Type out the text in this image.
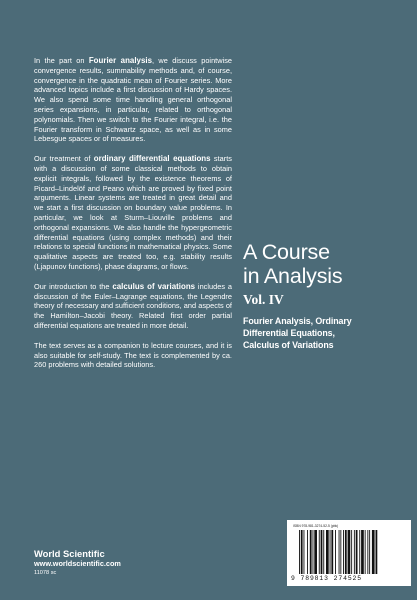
In the part on Fourier analysis, we discuss pointwise convergence results, summability methods and, of course, convergence in the quadratic mean of Fourier series. More advanced topics include a first discussion of Hardy spaces. We also spend some time handling general orthogonal series expansions, in particular, related to orthogonal polynomials. Then we switch to the Fourier integral, i.e. the Fourier transform in Schwartz space, as well as in some Lebesgue spaces or of measures.

Our treatment of ordinary differential equations starts with a discussion of some classical methods to obtain explicit integrals, followed by the existence theorems of Picard–Lindelöf and Peano which are proved by fixed point arguments. Linear systems are treated in great detail and we start a first discussion on boundary value problems. In particular, we look at Sturm–Liouville problems and orthogonal expansions. We also handle the hypergeometric differential equations (using complex methods) and their relations to special functions in mathematical physics. Some qualitative aspects are treated too, e.g. stability results (Ljapunov functions), phase diagrams, or flows.

Our introduction to the calculus of variations includes a discussion of the Euler–Lagrange equations, the Legendre theory of necessary and sufficient conditions, and aspects of the Hamilton–Jacobi theory. Related first order partial differential equations are treated in more detail.

The text serves as a companion to lecture courses, and it is also suitable for self-study. The text is complemented by ca. 260 problems with detailed solutions.

A Course
in Analysis
Vol. IV
Fourier Analysis, Ordinary
Differential Equations,
Calculus of Variations
World Scientific
www.worldscientific.com
11078 sc
ISBN 978-981-3274-52-5 (pbk)
9 789813 274525
